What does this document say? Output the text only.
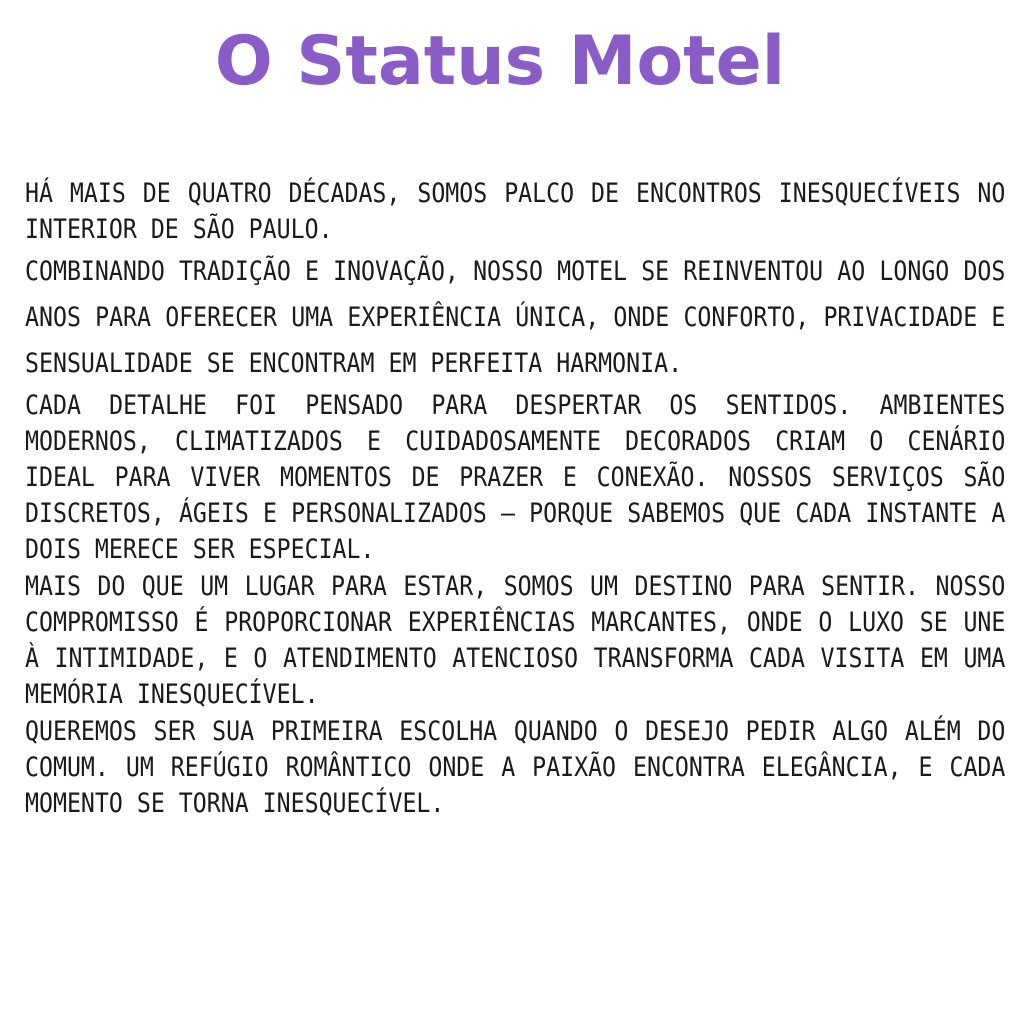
O Status Motel

HÁ MAIS DE QUATRO DÉCADAS, SOMOS PALCO DE ENCONTROS INESQUECÍVEIS NO INTERIOR DE SÃO PAULO.

COMBINANDO TRADIÇÃO E INOVAÇÃO, NOSSO MOTEL SE REINVENTOU AO LONGO DOS ANOS PARA OFERECER UMA EXPERIÊNCIA ÚNICA, ONDE CONFORTO, PRIVACIDADE E SENSUALIDADE SE ENCONTRAM EM PERFEITA HARMONIA.

CADA DETALHE FOI PENSADO PARA DESPERTAR OS SENTIDOS. AMBIENTES MODERNOS, CLIMATIZADOS E CUIDADOSAMENTE DECORADOS CRIAM O CENÁRIO IDEAL PARA VIVER MOMENTOS DE PRAZER E CONEXÃO. NOSSOS SERVIÇOS SÃO DISCRETOS, ÁGEIS E PERSONALIZADOS — PORQUE SABEMOS QUE CADA INSTANTE A DOIS MERECE SER ESPECIAL.

MAIS DO QUE UM LUGAR PARA ESTAR, SOMOS UM DESTINO PARA SENTIR. NOSSO COMPROMISSO É PROPORCIONAR EXPERIÊNCIAS MARCANTES, ONDE O LUXO SE UNE À INTIMIDADE, E O ATENDIMENTO ATENCIOSO TRANSFORMA CADA VISITA EM UMA MEMÓRIA INESQUECÍVEL.

QUEREMOS SER SUA PRIMEIRA ESCOLHA QUANDO O DESEJO PEDIR ALGO ALÉM DO COMUM. UM REFÚGIO ROMÂNTICO ONDE A PAIXÃO ENCONTRA ELEGÂNCIA, E CADA MOMENTO SE TORNA INESQUECÍVEL.
